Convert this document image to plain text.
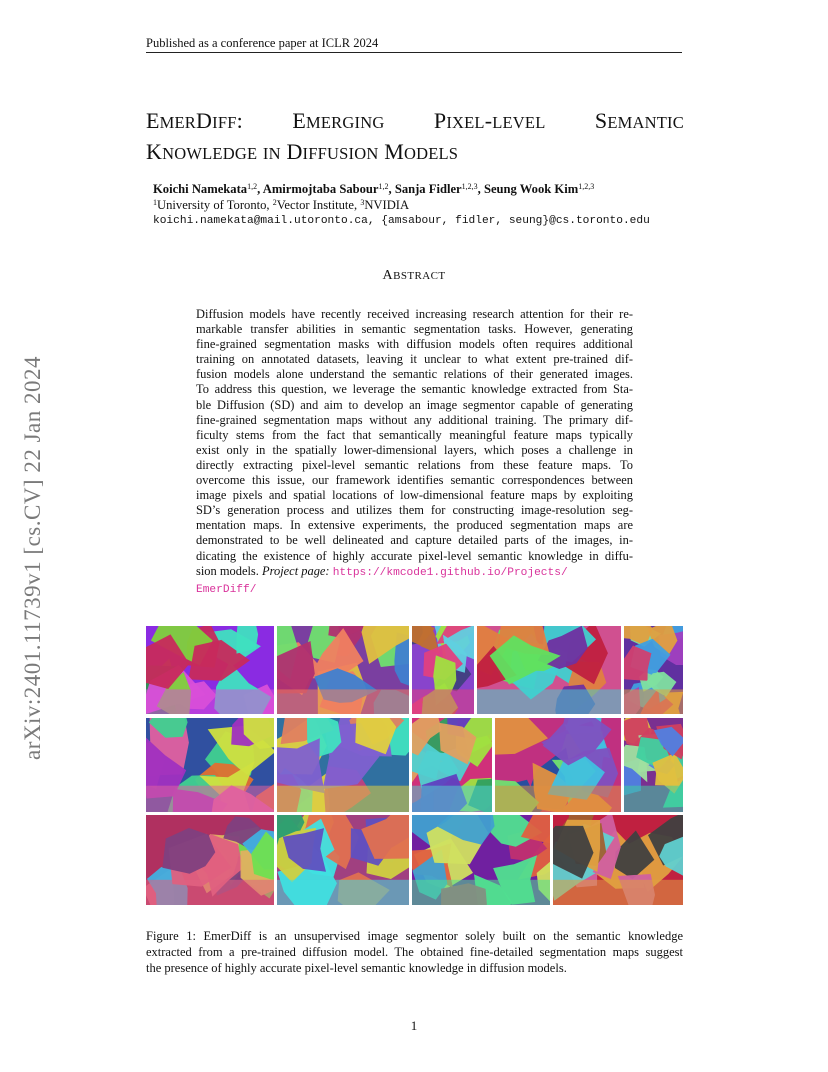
Published as a conference paper at ICLR 2024
EMERDIFF: EMERGING PIXEL-LEVEL SEMANTIC
KNOWLEDGE IN DIFFUSION MODELS
Koichi Namekata$^{1,2}$, Amirmojtaba Sabour$^{1,2}$, Sanja Fidler$^{1,2,3}$, Seung Wook Kim$^{1,2,3}$
$^1$University of Toronto, $^2$Vector Institute, $^3$NVIDIA
koichi.namekata@mail.utoronto.ca, {amsabour, fidler, seung}@cs.toronto.edu
ABSTRACT
Diffusion models have recently received increasing research attention for their re-
markable transfer abilities in semantic segmentation tasks. However, generating
fine-grained segmentation masks with diffusion models often requires additional
training on annotated datasets, leaving it unclear to what extent pre-trained dif-
fusion models alone understand the semantic relations of their generated images.
To address this question, we leverage the semantic knowledge extracted from Sta-
ble Diffusion (SD) and aim to develop an image segmentor capable of generating
fine-grained segmentation maps without any additional training. The primary dif-
ficulty stems from the fact that semantically meaningful feature maps typically
exist only in the spatially lower-dimensional layers, which poses a challenge in
directly extracting pixel-level semantic relations from these feature maps. To
overcome this issue, our framework identifies semantic correspondences between
image pixels and spatial locations of low-dimensional feature maps by exploiting
SD’s generation process and utilizes them for constructing image-resolution seg-
mentation maps. In extensive experiments, the produced segmentation maps are
demonstrated to be well delineated and capture detailed parts of the images, in-
dicating the existence of highly accurate pixel-level semantic knowledge in diffu-
sion models. Project page: https://kmcode1.github.io/Projects/
EmerDiff/
arXiv:2401.11739v1 [cs.CV] 22 Jan 2024
Figure 1: EmerDiff is an unsupervised image segmentor solely built on the semantic knowledge
extracted from a pre-trained diffusion model. The obtained fine-detailed segmentation maps suggest
the presence of highly accurate pixel-level semantic knowledge in diffusion models.
1
